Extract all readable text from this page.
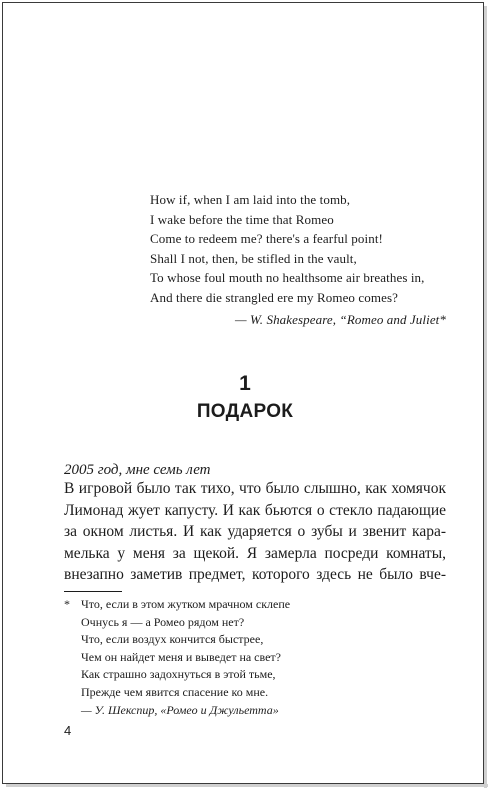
How if, when I am laid into the tomb,
I wake before the time that Romeo
Come to redeem me? there's a fearful point!
Shall I not, then, be stifled in the vault,
To whose foul mouth no healthsome air breathes in,
And there die strangled ere my Romeo comes?
— W. Shakespeare, “Romeo and Juliet*
1
ПОДАРОК
2005 год, мне семь лет
В игровой было так тихо, что было слышно, как хомячок
Лимонад жует капусту. И как бьются о стекло падающие
за окном листья. И как ударяется о зубы и звенит кара-
мелька у меня за щекой. Я замерла посреди комнаты,
внезапно заметив предмет, которого здесь не было вче-
* Что, если в этом жутком мрачном склепе
Очнусь я — а Ромео рядом нет?
Что, если воздух кончится быстрее,
Чем он найдет меня и выведет на свет?
Как страшно задохнуться в этой тьме,
Прежде чем явится спасение ко мне.
— У. Шекспир, «Ромео и Джульетта»
4
